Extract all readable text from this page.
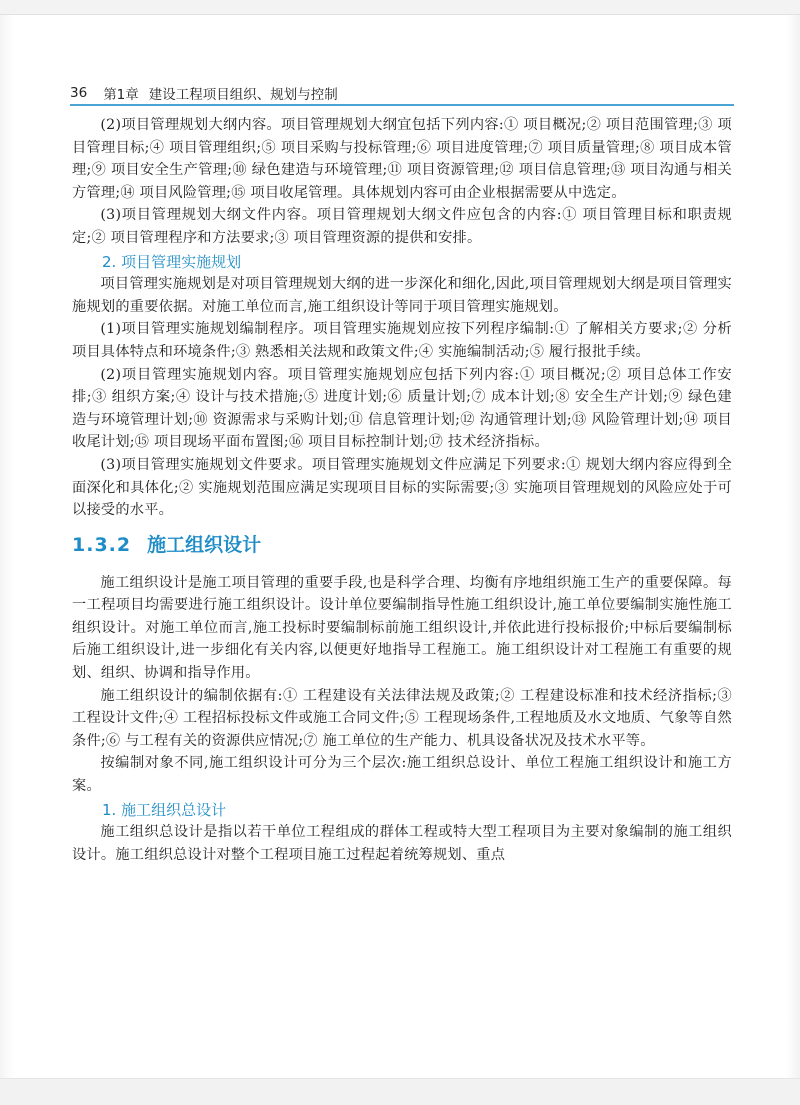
36 第1章 建设工程项目组织、规划与控制

(2)项目管理规划大纲内容。项目管理规划大纲宜包括下列内容:① 项目概况;② 项目范围管理;③ 项目管理目标;④ 项目管理组织;⑤ 项目采购与投标管理;⑥ 项目进度管理;⑦ 项目质量管理;⑧ 项目成本管理;⑨ 项目安全生产管理;⑩ 绿色建造与环境管理;⑪ 项目资源管理;⑫ 项目信息管理;⑬ 项目沟通与相关方管理;⑭ 项目风险管理;⑮ 项目收尾管理。具体规划内容可由企业根据需要从中选定。

(3)项目管理规划大纲文件内容。项目管理规划大纲文件应包含的内容:① 项目管理目标和职责规定;② 项目管理程序和方法要求;③ 项目管理资源的提供和安排。

2. 项目管理实施规划

项目管理实施规划是对项目管理规划大纲的进一步深化和细化,因此,项目管理规划大纲是项目管理实施规划的重要依据。对施工单位而言,施工组织设计等同于项目管理实施规划。

(1)项目管理实施规划编制程序。项目管理实施规划应按下列程序编制:① 了解相关方要求;② 分析项目具体特点和环境条件;③ 熟悉相关法规和政策文件;④ 实施编制活动;⑤ 履行报批手续。

(2)项目管理实施规划内容。项目管理实施规划应包括下列内容:① 项目概况;② 项目总体工作安排;③ 组织方案;④ 设计与技术措施;⑤ 进度计划;⑥ 质量计划;⑦ 成本计划;⑧ 安全生产计划;⑨ 绿色建造与环境管理计划;⑩ 资源需求与采购计划;⑪ 信息管理计划;⑫ 沟通管理计划;⑬ 风险管理计划;⑭ 项目收尾计划;⑮ 项目现场平面布置图;⑯ 项目目标控制计划;⑰ 技术经济指标。

(3)项目管理实施规划文件要求。项目管理实施规划文件应满足下列要求:① 规划大纲内容应得到全面深化和具体化;② 实施规划范围应满足实现项目目标的实际需要;③ 实施项目管理规划的风险应处于可以接受的水平。

1.3.2 施工组织设计

施工组织设计是施工项目管理的重要手段,也是科学合理、均衡有序地组织施工生产的重要保障。每一工程项目均需要进行施工组织设计。设计单位要编制指导性施工组织设计,施工单位要编制实施性施工组织设计。对施工单位而言,施工投标时要编制标前施工组织设计,并依此进行投标报价;中标后要编制标后施工组织设计,进一步细化有关内容,以便更好地指导工程施工。施工组织设计对工程施工有重要的规划、组织、协调和指导作用。

施工组织设计的编制依据有:① 工程建设有关法律法规及政策;② 工程建设标准和技术经济指标;③ 工程设计文件;④ 工程招标投标文件或施工合同文件;⑤ 工程现场条件,工程地质及水文地质、气象等自然条件;⑥ 与工程有关的资源供应情况;⑦ 施工单位的生产能力、机具设备状况及技术水平等。

按编制对象不同,施工组织设计可分为三个层次:施工组织总设计、单位工程施工组织设计和施工方案。

1. 施工组织总设计

施工组织总设计是指以若干单位工程组成的群体工程或特大型工程项目为主要对象编制的施工组织设计。施工组织总设计对整个工程项目施工过程起着统筹规划、重点
